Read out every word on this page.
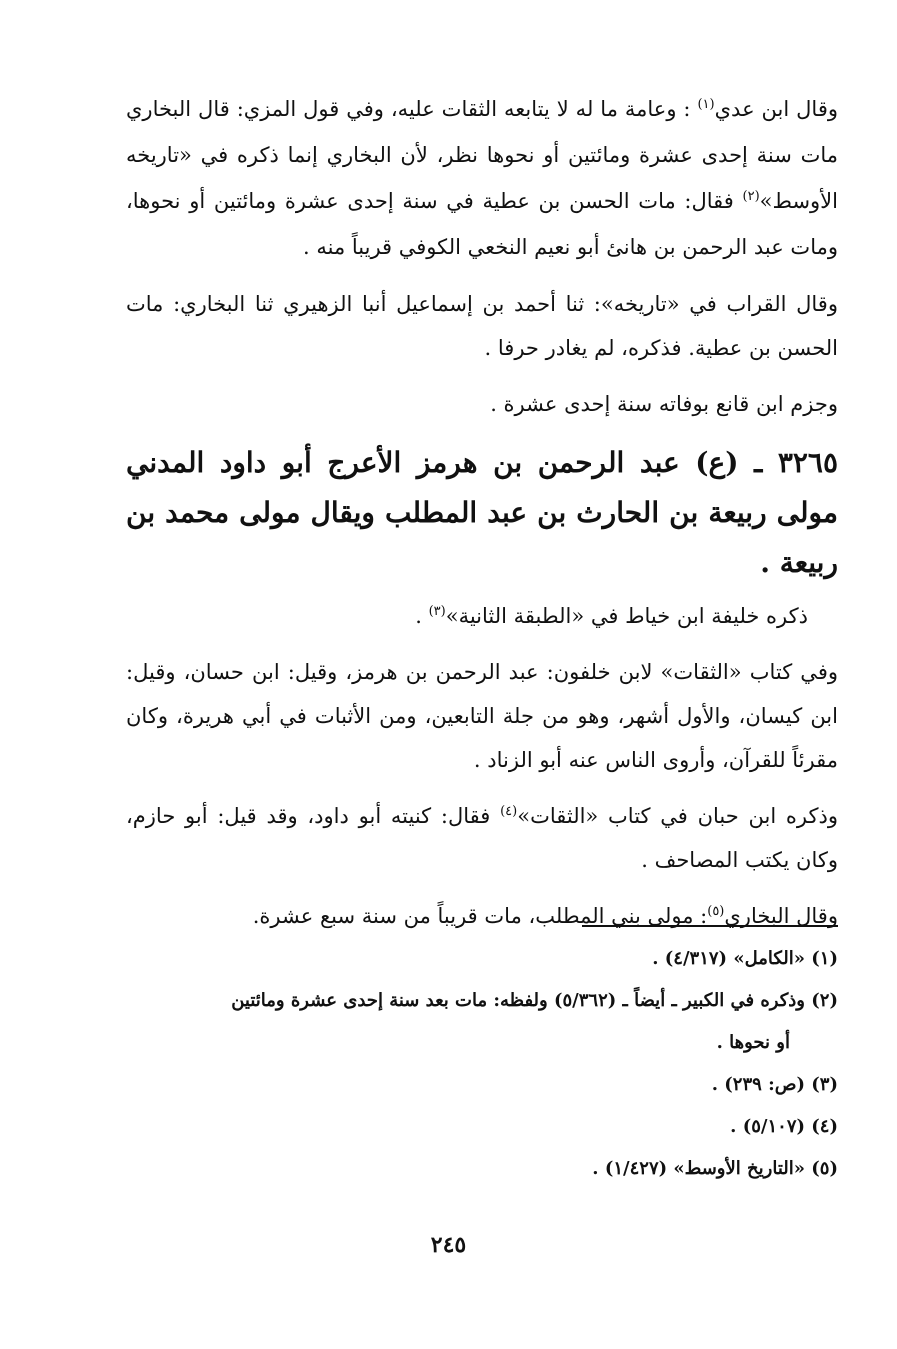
وقال ابن عدي$^{(١)}$ : وعامة ما له لا يتابعه الثقات عليه، وفي قول المزي: قال البخاري مات سنة إحدى عشرة ومائتين أو نحوها نظر، لأن البخاري إنما ذكره في «تاريخه الأوسط»$^{(٢)}$ فقال: مات الحسن بن عطية في سنة إحدى عشرة ومائتين أو نحوها، ومات عبد الرحمن بن هانئ أبو نعيم النخعي الكوفي قريباً منه .

وقال القراب في «تاريخه»: ثنا أحمد بن إسماعيل أنبا الزهيري ثنا البخاري: مات الحسن بن عطية. فذكره، لم يغادر حرفا .

وجزم ابن قانع بوفاته سنة إحدى عشرة .

٣٢٦٥ ـ (ع) عبد الرحمن بن هرمز الأعرج أبو داود المدني مولى ربيعة بن الحارث بن عبد المطلب ويقال مولى محمد بن ربيعة .

ذكره خليفة ابن خياط في «الطبقة الثانية»$^{(٣)}$ .

وفي كتاب «الثقات» لابن خلفون: عبد الرحمن بن هرمز، وقيل: ابن حسان، وقيل: ابن كيسان، والأول أشهر، وهو من جلة التابعين، ومن الأثبات في أبي هريرة، وكان مقرئاً للقرآن، وأروى الناس عنه أبو الزناد .

وذكره ابن حبان في كتاب «الثقات»$^{(٤)}$ فقال: كنيته أبو داود، وقد قيل: أبو حازم، وكان يكتب المصاحف .

وقال البخاري$^{(٥)}$: مولى بني المطلب، مات قريباً من سنة سبع عشرة.

(١) «الكامل» (٤/٣١٧) .

(٢) وذكره في الكبير ـ أيضاً ـ (٥/٣٦٢) ولفظه: مات بعد سنة إحدى عشرة ومائتين

أو نحوها .

(٣) (ص: ٢٣٩) .

(٤) (٥/١٠٧) .

(٥) «التاريخ الأوسط» (١/٤٢٧) .

٢٤٥
